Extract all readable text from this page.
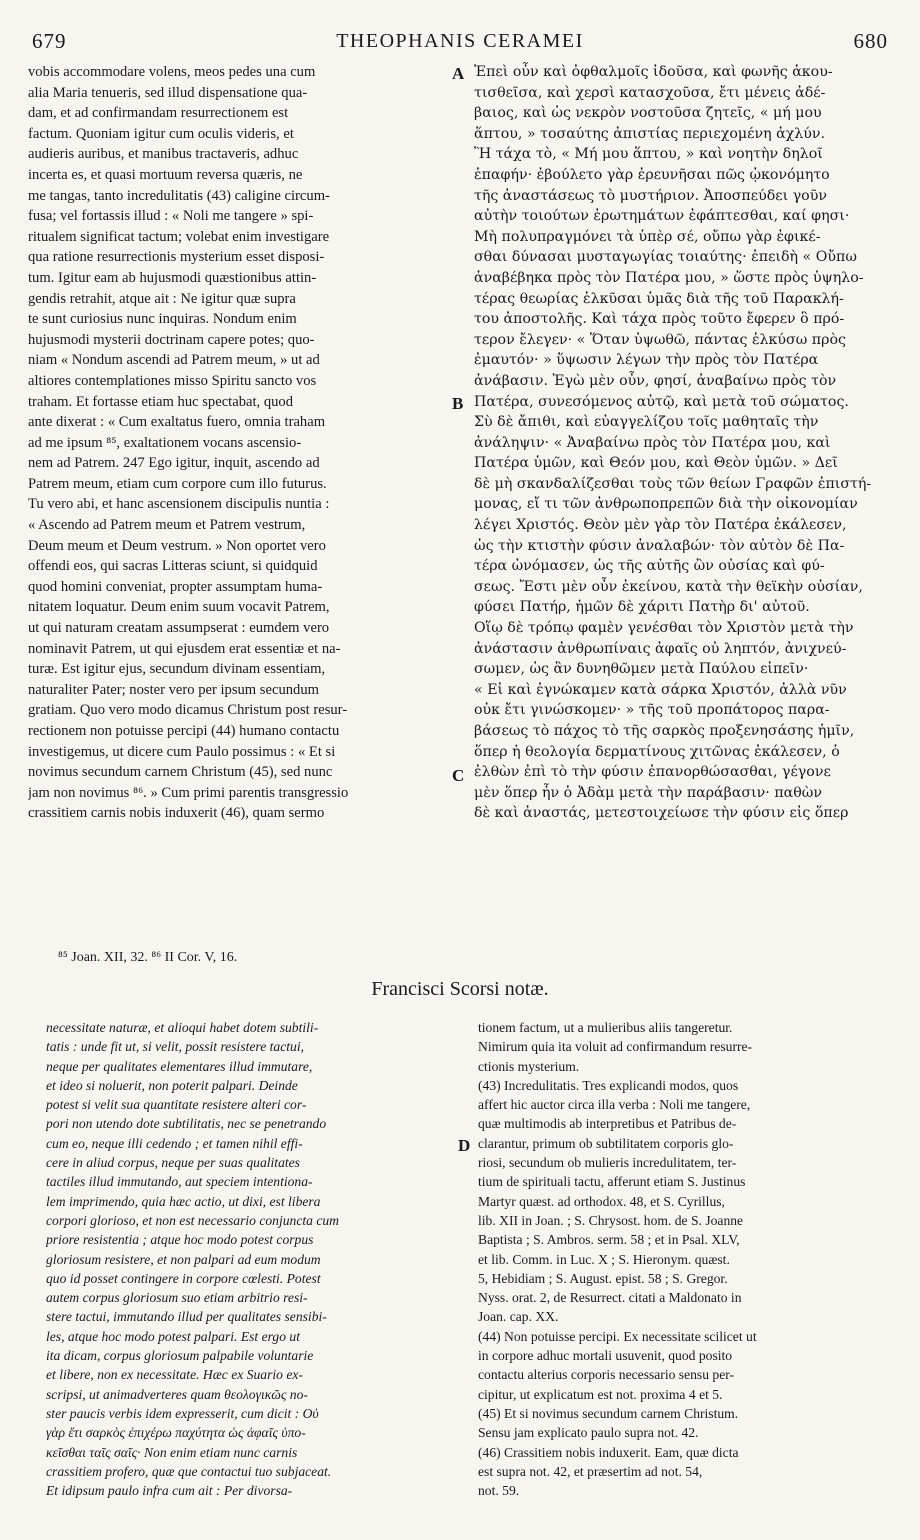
679	THEOPHANIS CERAMEI	680
vobis accommodare volens, meos pedes una cum
alia Maria tenueris, sed illud dispensatione qua-
dam, et ad confirmandam resurrectionem est
factum. Quoniam igitur cum oculis videris, et
audieris auribus, et manibus tractaveris, adhuc
incerta es, et quasi mortuum reversa quæris, ne
me tangas, tanto incredulitatis (43) caligine circum-
fusa; vel fortassis illud : « Noli me tangere » spi-
ritualem significat tactum; volebat enim investigare
qua ratione resurrectionis mysterium esset disposi-
tum. Igitur eam ab hujusmodi quæstionibus attin-
gendis retrahit, atque ait : Ne igitur quæ supra
te sunt curiosius nunc inquiras. Nondum enim
hujusmodi mysterii doctrinam capere potes; quo-
niam « Nondum ascendi ad Patrem meum, » ut ad
altiores contemplationes misso Spiritu sancto vos
traham. Et fortasse etiam huc spectabat, quod
ante dixerat : « Cum exaltatus fuero, omnia traham
ad me ipsum ⁸⁵, exaltationem vocans ascensio-
nem ad Patrem. 247 Ego igitur, inquit, ascendo ad
Patrem meum, etiam cum corpore cum illo futurus.
Tu vero abi, et hanc ascensionem discipulis nuntia :
« Ascendo ad Patrem meum et Patrem vestrum,
Deum meum et Deum vestrum. » Non oportet vero
offendi eos, qui sacras Litteras sciunt, si quidquid
quod homini conveniat, propter assumptam huma-
nitatem loquatur. Deum enim suum vocavit Patrem,
ut qui naturam creatam assumpserat : eumdem vero
nominavit Patrem, ut qui ejusdem erat essentiæ et na-
turæ. Est igitur ejus, secundum divinam essentiam,
naturaliter Pater; noster vero per ipsum secundum
gratiam. Quo vero modo dicamus Christum post resur-
rectionem non potuisse percipi (44) humano contactu
investigemus, ut dicere cum Paulo possimus : « Et si
novimus secundum carnem Christum (45), sed nunc
jam non novimus ⁸⁶. » Cum primi parentis transgressio
crassitiem carnis nobis induxerit (46), quam sermo
Ἐπεὶ οὖν καὶ ὀφθαλμοῖς ἰδοῦσα, καὶ φωνῆς ἀκου-
τισθεῖσα, καὶ χερσὶ κατασχοῦσα, ἔτι μένεις ἀδέ-
βαιος, καὶ ὡς νεκρὸν νοστοῦσα ζητεῖς, « μή μου
ἅπτου, » τοσαύτης ἀπιστίας περιεχομένη ἀχλύν.
Ἢ τάχα τὸ, « Μή μου ἅπτου, » καὶ νοητὴν δηλοῖ
ἐπαφήν· ἐβούλετο γὰρ ἐρευνῆσαι πῶς ᾠκονόμητο
τῆς ἀναστάσεως τὸ μυστήριον. Ἀποσπεύδει γοῦν
αὐτὴν τοιούτων ἐρωτημάτων ἐφάπτεσθαι, καί φησι·
Μὴ πολυπραγμόνει τὰ ὑπὲρ σέ, οὔπω γὰρ ἐφικέ-
σθαι δύνασαι μυσταγωγίας τοιαύτης· ἐπειδὴ « Οὔπω
ἀναβέβηκα πρὸς τὸν Πατέρα μου, » ὥστε πρὸς ὑψηλο-
τέρας θεωρίας ἑλκῦσαι ὑμᾶς διὰ τῆς τοῦ Παρακλή-
του ἀποστολῆς. Καὶ τάχα πρὸς τοῦτο ἔφερεν ὃ πρό-
τερον ἔλεγεν· « Ὅταν ὑψωθῶ, πάντας ἑλκύσω πρὸς
ἐμαυτόν· » ὕψωσιν λέγων τὴν πρὸς τὸν Πατέρα
ἀνάβασιν. Ἐγὼ μὲν οὖν, φησί, ἀναβαίνω πρὸς τὸν
Πατέρα, συνεσόμενος αὐτῷ, καὶ μετὰ τοῦ σώματος.
Σὺ δὲ ἄπιθι, καὶ εὐαγγελίζου τοῖς μαθηταῖς τὴν
ἀνάληψιν· « Ἀναβαίνω πρὸς τὸν Πατέρα μου, καὶ
Πατέρα ὑμῶν, καὶ Θεόν μου, καὶ Θεὸν ὑμῶν. » Δεῖ
δὲ μὴ σκανδαλίζεσθαι τοὺς τῶν θείων Γραφῶν ἐπιστή-
μονας, εἴ τι τῶν ἀνθρωποπρεπῶν διὰ τὴν οἰκονομίαν
λέγει Χριστός. Θεὸν μὲν γὰρ τὸν Πατέρα ἐκάλεσεν,
ὡς τὴν κτιστὴν φύσιν ἀναλαβών· τὸν αὐτὸν δὲ Πα-
τέρα ὠνόμασεν, ὡς τῆς αὐτῆς ὢν οὐσίας καὶ φύ-
σεως. Ἔστι μὲν οὖν ἐκείνου, κατὰ τὴν θεϊκὴν οὐσίαν,
φύσει Πατήρ, ἡμῶν δὲ χάριτι Πατὴρ δι' αὐτοῦ.
Οἵῳ δὲ τρόπῳ φαμὲν γενέσθαι τὸν Χριστὸν μετὰ τὴν
ἀνάστασιν ἀνθρωπίναις ἀφαῖς οὐ ληπτόν, ἀνιχνεύ-
σωμεν, ὡς ἂν δυνηθῶμεν μετὰ Παύλου εἰπεῖν·
« Εἰ καὶ ἐγνώκαμεν κατὰ σάρκα Χριστόν, ἀλλὰ νῦν
οὐκ ἔτι γινώσκομεν· » τῆς τοῦ προπάτορος παρα-
βάσεως τὸ πάχος τὸ τῆς σαρκὸς προξενησάσης ἡμῖν,
ὅπερ ἡ θεολογία δερματίνους χιτῶνας ἐκάλεσεν, ὁ
ἐλθὼν ἐπὶ τὸ τὴν φύσιν ἐπανορθώσασθαι, γέγονε
μὲν ὅπερ ἦν ὁ Ἀδὰμ μετὰ τὴν παράβασιν· παθὼν
δὲ καὶ ἀναστάς, μετεστοιχείωσε τὴν φύσιν εἰς ὅπερ
A
B
C
D
⁸⁵ Joan. XII, 32. ⁸⁶ II Cor. V, 16.
Francisci Scorsi notæ.
necessitate naturæ, et alioqui habet dotem subtili-
tatis : unde fit ut, si velit, possit resistere tactui,
neque per qualitates elementares illud immutare,
et ideo si noluerit, non poterit palpari. Deinde
potest si velit sua quantitate resistere alteri cor-
pori non utendo dote subtilitatis, nec se penetrando
cum eo, neque illi cedendo ; et tamen nihil effi-
cere in aliud corpus, neque per suas qualitates
tactiles illud immutando, aut speciem intentiona-
lem imprimendo, quia hæc actio, ut dixi, est libera
corpori glorioso, et non est necessario conjuncta cum
priore resistentia ; atque hoc modo potest corpus
gloriosum resistere, et non palpari ad eum modum
quo id posset contingere in corpore cœlesti. Potest
autem corpus gloriosum suo etiam arbitrio resi-
stere tactui, immutando illud per qualitates sensibi-
les, atque hoc modo potest palpari. Est ergo ut
ita dicam, corpus gloriosum palpabile voluntarie
et libere, non ex necessitate. Hæc ex Suario ex-
scripsi, ut animadverteres quam θεολογικῶς no-
ster paucis verbis idem expresserit, cum dicit : Οὐ
γὰρ ἔτι σαρκὸς ἐπιχέρω παχύτητα ὡς ἀφαῖς ὑπο-
κεῖσθαι ταῖς σαῖς· Non enim etiam nunc carnis
crassitiem profero, quæ que contactui tuo subjaceat.
Et idipsum paulo infra cum ait : Per divorsa-
tionem factum, ut a mulieribus aliis tangeretur.
Nimirum quia ita voluit ad confirmandum resurre-
ctionis mysterium.
(43) Incredulitatis. Tres explicandi modos, quos
affert hic auctor circa illa verba : Noli me tangere,
quæ multimodis ab interpretibus et Patribus de-
clarantur, primum ob subtilitatem corporis glo-
riosi, secundum ob mulieris incredulitatem, ter-
tium de spirituali tactu, afferunt etiam S. Justinus
Martyr quæst. ad orthodox. 48, et S. Cyrillus,
lib. XII in Joan. ; S. Chrysost. hom. de S. Joanne
Baptista ; S. Ambros. serm. 58 ; et in Psal. XLV,
et lib. Comm. in Luc. X ; S. Hieronym. quæst.
5, Hebidiam ; S. August. epist. 58 ; S. Gregor.
Nyss. orat. 2, de Resurrect. citati a Maldonato in
Joan. cap. XX.
(44) Non potuisse percipi. Ex necessitate scilicet ut
in corpore adhuc mortali usuvenit, quod posito
contactu alterius corporis necessario sensu per-
cipitur, ut explicatum est not. proxima 4 et 5.
(45) Et si novimus secundum carnem Christum.
Sensu jam explicato paulo supra not. 42.
(46) Crassitiem nobis induxerit. Eam, quæ dicta
est supra not. 42, et præsertim ad not. 54,
not. 59.
